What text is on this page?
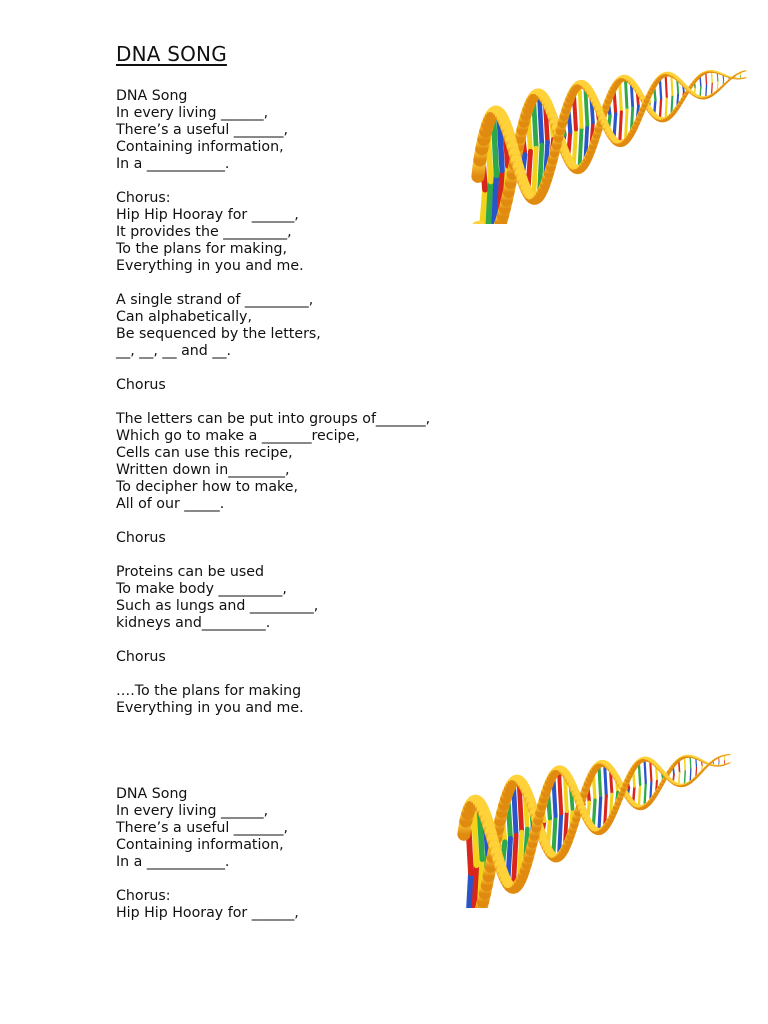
DNA SONG
DNA Song
In every living ______,
There’s a useful _______,
Containing information,
In a ___________.
Chorus:
Hip Hip Hooray for ______,
It provides the _________,
To the plans for making,
Everything in you and me.
A single strand of _________,
Can alphabetically,
Be sequenced by the letters,
__, __, __ and __.
Chorus
The letters can be put into groups of_______,
Which go to make a _______recipe,
Cells can use this recipe,
Written down in________,
To decipher how to make,
All of our _____.
Chorus
Proteins can be used
To make body _________,
Such as lungs and _________,
kidneys and_________.
Chorus
….To the plans for making
Everything in you and me.
DNA Song
In every living ______,
There’s a useful _______,
Containing information,
In a ___________.
Chorus:
Hip Hip Hooray for ______,
